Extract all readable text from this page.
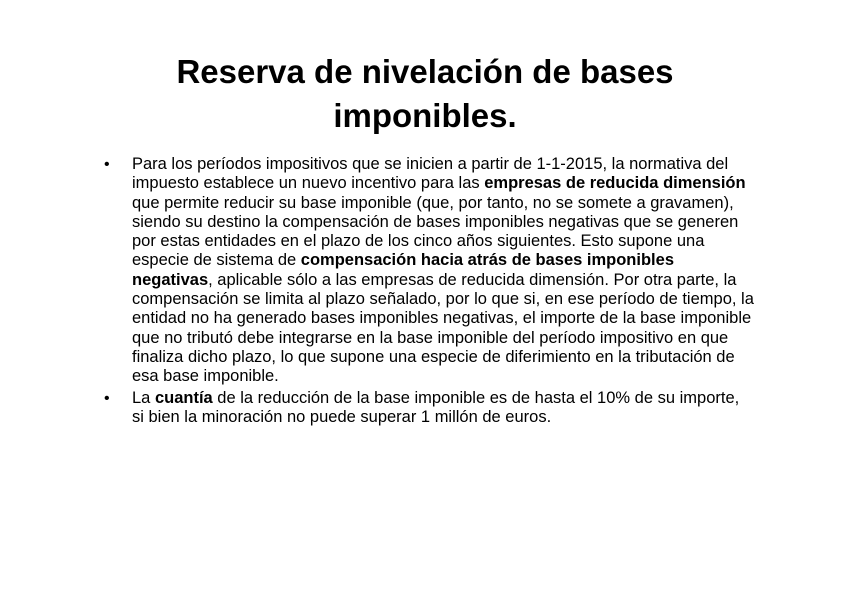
Reserva de nivelación de bases imponibles.
• Para los períodos impositivos que se inicien a partir de 1-1-2015, la normativa del impuesto establece un nuevo incentivo para las empresas de reducida dimensión que permite reducir su base imponible (que, por tanto, no se somete a gravamen), siendo su destino la compensación de bases imponibles negativas que se generen por estas entidades en el plazo de los cinco años siguientes. Esto supone una especie de sistema de compensación hacia atrás de bases imponibles negativas, aplicable sólo a las empresas de reducida dimensión. Por otra parte, la compensación se limita al plazo señalado, por lo que si, en ese período de tiempo, la entidad no ha generado bases imponibles negativas, el importe de la base imponible que no tributó debe integrarse en la base imponible del período impositivo en que finaliza dicho plazo, lo que supone una especie de diferimiento en la tributación de esa base imponible.
• La cuantía de la reducción de la base imponible es de hasta el 10% de su importe, si bien la minoración no puede superar 1 millón de euros.
